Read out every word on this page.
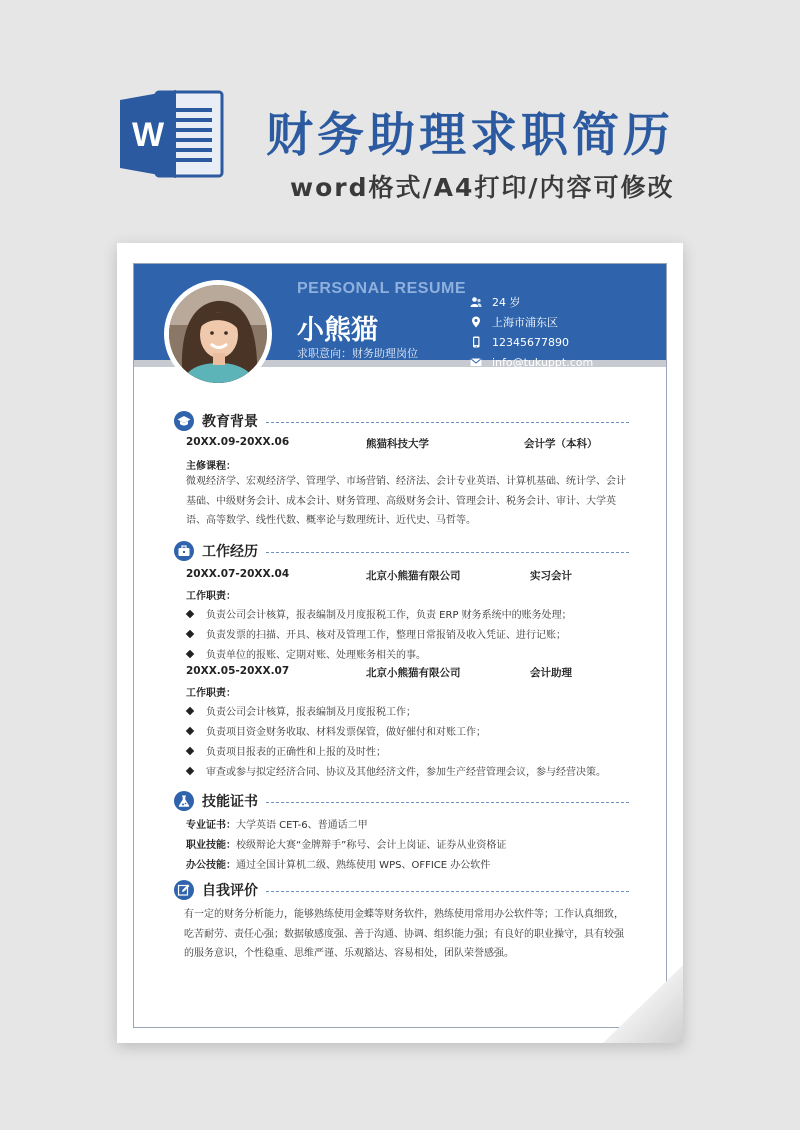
W 财务助理求职简历
word格式/A4打印/内容可修改
PERSONAL RESUME
小熊猫
求职意向：财务助理岗位
24 岁
上海市浦东区
12345677890
info@tukuppt.com
教育背景
20XX.09-20XX.06	熊猫科技大学	会计学（本科）
主修课程：
微观经济学、宏观经济学、管理学、市场营销、经济法、会计专业英语、计算机基础、统计学、会计基础、中级财务会计、成本会计、财务管理、高级财务会计、管理会计、税务会计、审计、大学英语、高等数学、线性代数、概率论与数理统计、近代史、马哲等。
工作经历
20XX.07-20XX.04	北京小熊猫有限公司	实习会计
工作职责：
负责公司会计核算，报表编制及月度报税工作，负责 ERP 财务系统中的账务处理；
负责发票的扫描、开具、核对及管理工作，整理日常报销及收入凭证、进行记账；
负责单位的报账、定期对账、处理账务相关的事。
20XX.05-20XX.07	北京小熊猫有限公司	会计助理
工作职责：
负责公司会计核算，报表编制及月度报税工作；
负责项目资金财务收取、材料发票保管，做好催付和对账工作；
负责项目报表的正确性和上报的及时性；
审查或参与拟定经济合同、协议及其他经济文件，参加生产经营管理会议，参与经营决策。
技能证书
专业证书：大学英语 CET-6、普通话二甲
职业技能：校级辩论大赛“金牌辩手”称号、会计上岗证、证券从业资格证
办公技能：通过全国计算机二级、熟练使用 WPS、OFFICE 办公软件
自我评价
有一定的财务分析能力，能够熟练使用金蝶等财务软件，熟练使用常用办公软件等；工作认真细致，吃苦耐劳、责任心强；数据敏感度强、善于沟通、协调、组织能力强；有良好的职业操守，具有较强的服务意识，个性稳重、思维严谨、乐观豁达、容易相处，团队荣誉感强。
